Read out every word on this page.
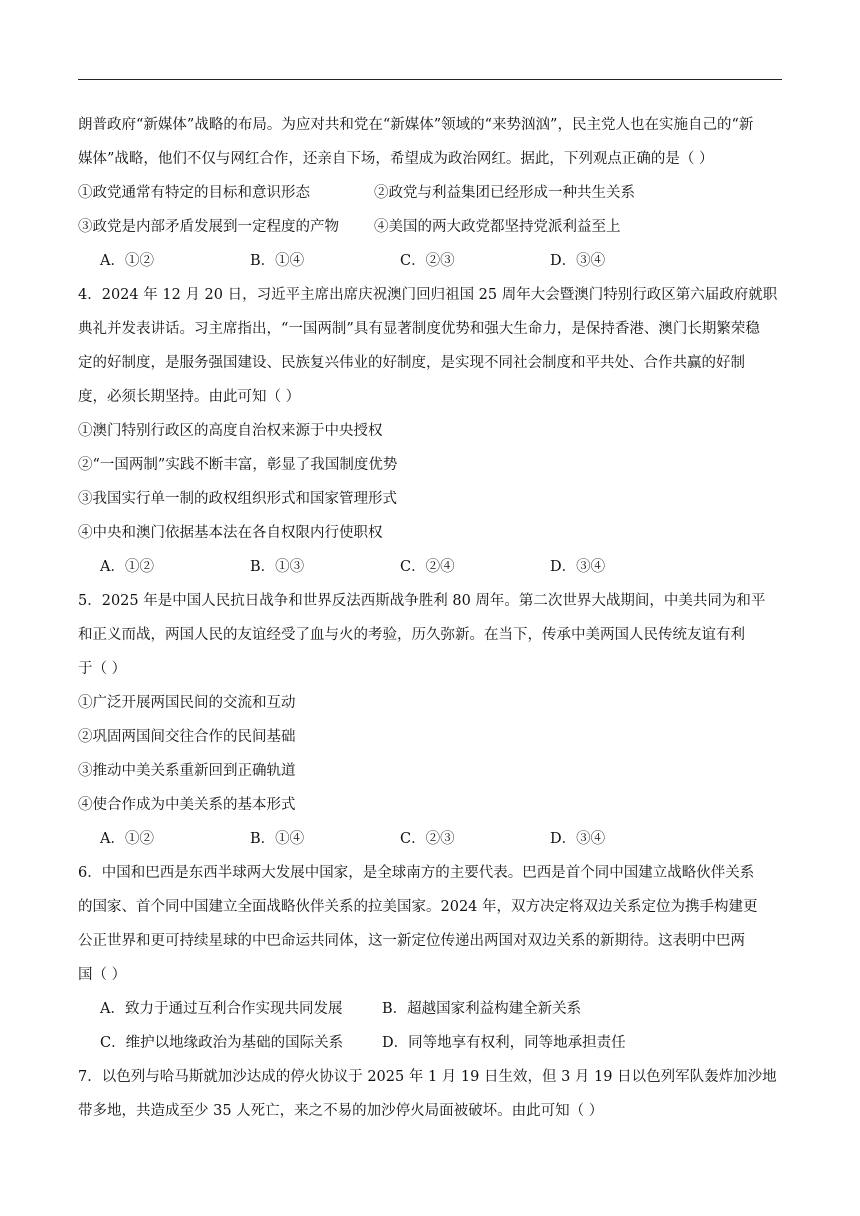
朗普政府“新媒体”战略的布局。为应对共和党在“新媒体”领域的“来势汹汹”，民主党人也在实施自己的“新

媒体”战略，他们不仅与网红合作，还亲自下场，希望成为政治网红。据此，下列观点正确的是（ ）

①政党通常有特定的目标和意识形态	②政党与利益集团已经形成一种共生关系
③政党是内部矛盾发展到一定程度的产物	④美国的两大政党都坚持党派利益至上
A．①②	B．①④	C．②③	D．③④

4．2024 年 12 月 20 日，习近平主席出席庆祝澳门回归祖国 25 周年大会暨澳门特别行政区第六届政府就职

典礼并发表讲话。习主席指出，“一国两制”具有显著制度优势和强大生命力，是保持香港、澳门长期繁荣稳

定的好制度，是服务强国建设、民族复兴伟业的好制度，是实现不同社会制度和平共处、合作共赢的好制

度，必须长期坚持。由此可知（ ）

①澳门特别行政区的高度自治权来源于中央授权

②“一国两制”实践不断丰富，彰显了我国制度优势

③我国实行单一制的政权组织形式和国家管理形式

④中央和澳门依据基本法在各自权限内行使职权

A．①②	B．①③	C．②④	D．③④

5．2025 年是中国人民抗日战争和世界反法西斯战争胜利 80 周年。第二次世界大战期间，中美共同为和平

和正义而战，两国人民的友谊经受了血与火的考验，历久弥新。在当下，传承中美两国人民传统友谊有利

于（ ）

①广泛开展两国民间的交流和互动

②巩固两国间交往合作的民间基础

③推动中美关系重新回到正确轨道

④使合作成为中美关系的基本形式

A．①②	B．①④	C．②③	D．③④

6．中国和巴西是东西半球两大发展中国家，是全球南方的主要代表。巴西是首个同中国建立战略伙伴关系

的国家、首个同中国建立全面战略伙伴关系的拉美国家。2024 年，双方决定将双边关系定位为携手构建更

公正世界和更可持续星球的中巴命运共同体，这一新定位传递出两国对双边关系的新期待。这表明中巴两

国（ ）

A．致力于通过互利合作实现共同发展	B．超越国家利益构建全新关系
C．维护以地缘政治为基础的国际关系	D．同等地享有权利，同等地承担责任

7．以色列与哈马斯就加沙达成的停火协议于 2025 年 1 月 19 日生效，但 3 月 19 日以色列军队轰炸加沙地

带多地，共造成至少 35 人死亡，来之不易的加沙停火局面被破坏。由此可知（ ）
